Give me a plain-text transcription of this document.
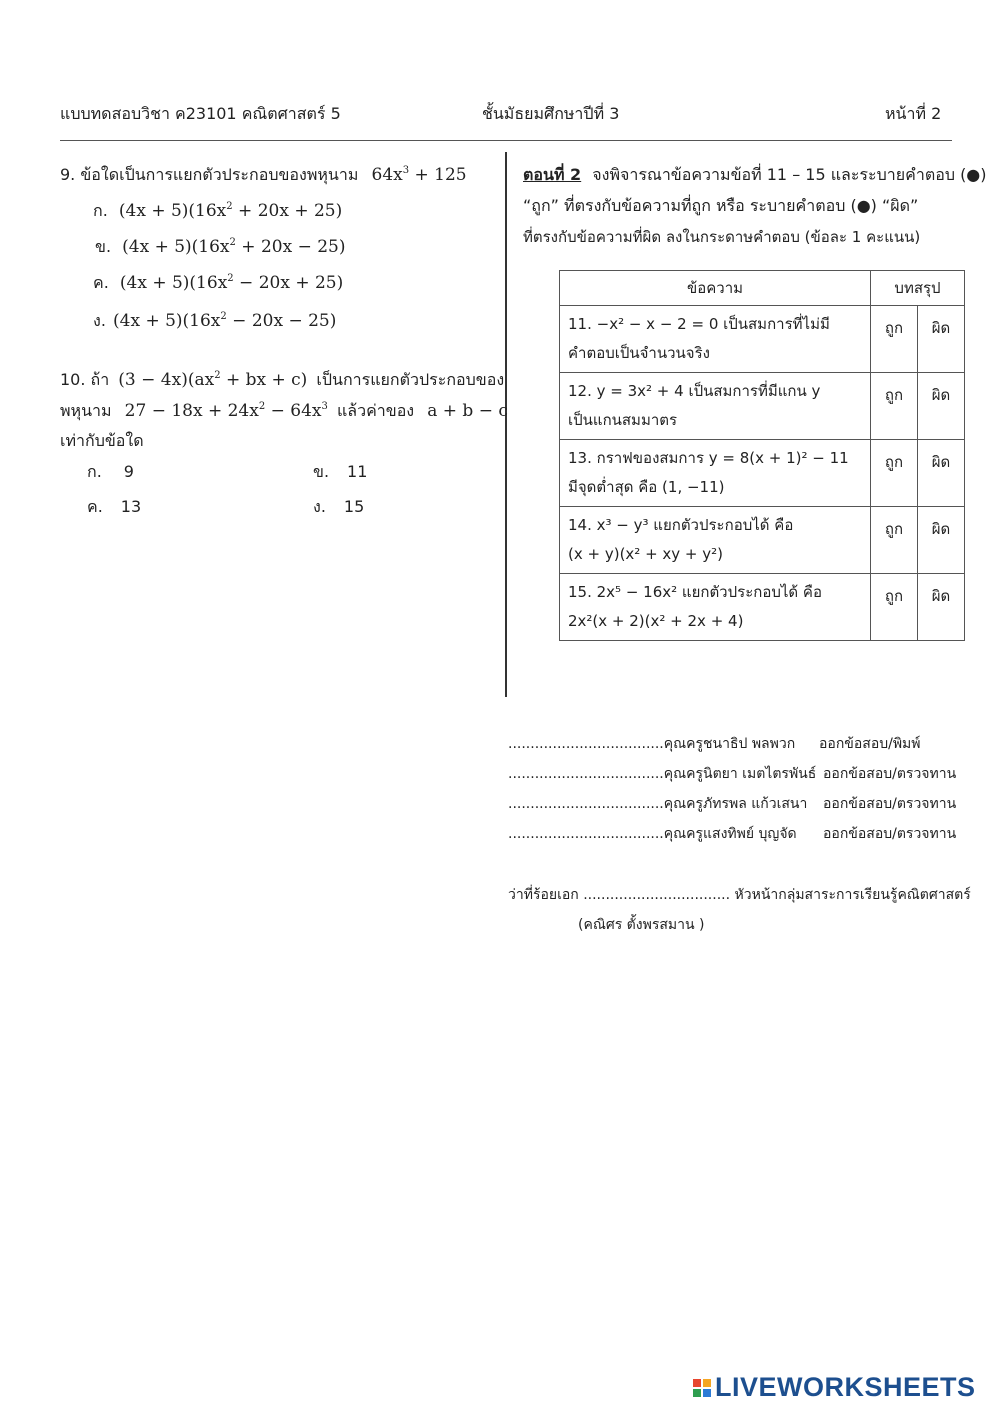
แบบทดสอบวิชา ค23101 คณิตศาสตร์ 5	ชั้นมัธยมศึกษาปีที่ 3	หน้าที่ 2
9. ข้อใดเป็นการแยกตัวประกอบของพหุนาม $64x^3 + 125$
ก. $(4x + 5)(16x^2 + 20x + 25)$
ข. $(4x + 5)(16x^2 + 20x - 25)$
ค. $(4x + 5)(16x^2 - 20x + 25)$
ง. $(4x + 5)(16x^2 - 20x - 25)$
10. ถ้า $(3 - 4x)(ax^2$ + bx + c) เป็นการแยกตัวประกอบของ
พหุนาม $27 - 18x + 24x^2 - 64x^3$ แล้วค่าของ a + b − c
เท่ากับข้อใด
ก. 9	ข. 11
ค. 13	ง. 15
ตอนที่ 2 จงพิจารณาข้อความข้อที่ 11 – 15 และระบายคำตอบ (●)
“ถูก” ที่ตรงกับข้อความที่ถูก หรือ ระบายคำตอบ (●) “ผิด”
ที่ตรงกับข้อความที่ผิด ลงในกระดาษคำตอบ (ข้อละ 1 คะแนน)
ข้อความ	บทสรุป	

11. −x² − x − 2 = 0 เป็นสมการที่ไม่มี
คำตอบเป็นจำนวนจริง	ถูก	ผิด

12. y = 3x² + 4 เป็นสมการที่มีแกน y
เป็นแกนสมมาตร	ถูก	ผิด

13. กราฟของสมการ y = 8(x + 1)² − 11
มีจุดต่ำสุด คือ (1, −11)	ถูก	ผิด

14. x³ − y³ แยกตัวประกอบได้ คือ
(x + y)(x² + xy + y²)	ถูก	ผิด

15. 2x⁵ − 16x² แยกตัวประกอบได้ คือ
2x²(x + 2)(x² + 2x + 4)	ถูก	ผิด
...................................คุณครูชนาธิป พลพวก ออกข้อสอบ/พิมพ์
...................................คุณครูนิตยา เมตไตรพันธ์ ออกข้อสอบ/ตรวจทาน
...................................คุณครูภัทรพล แก้วเสนา ออกข้อสอบ/ตรวจทาน
...................................คุณครูแสงทิพย์ บุญจัด ออกข้อสอบ/ตรวจทาน
ว่าที่ร้อยเอก ................................. หัวหน้ากลุ่มสาระการเรียนรู้คณิตศาสตร์
(คณิศร ตั้งพรสมาน )
LIVEWORKSHEETS
